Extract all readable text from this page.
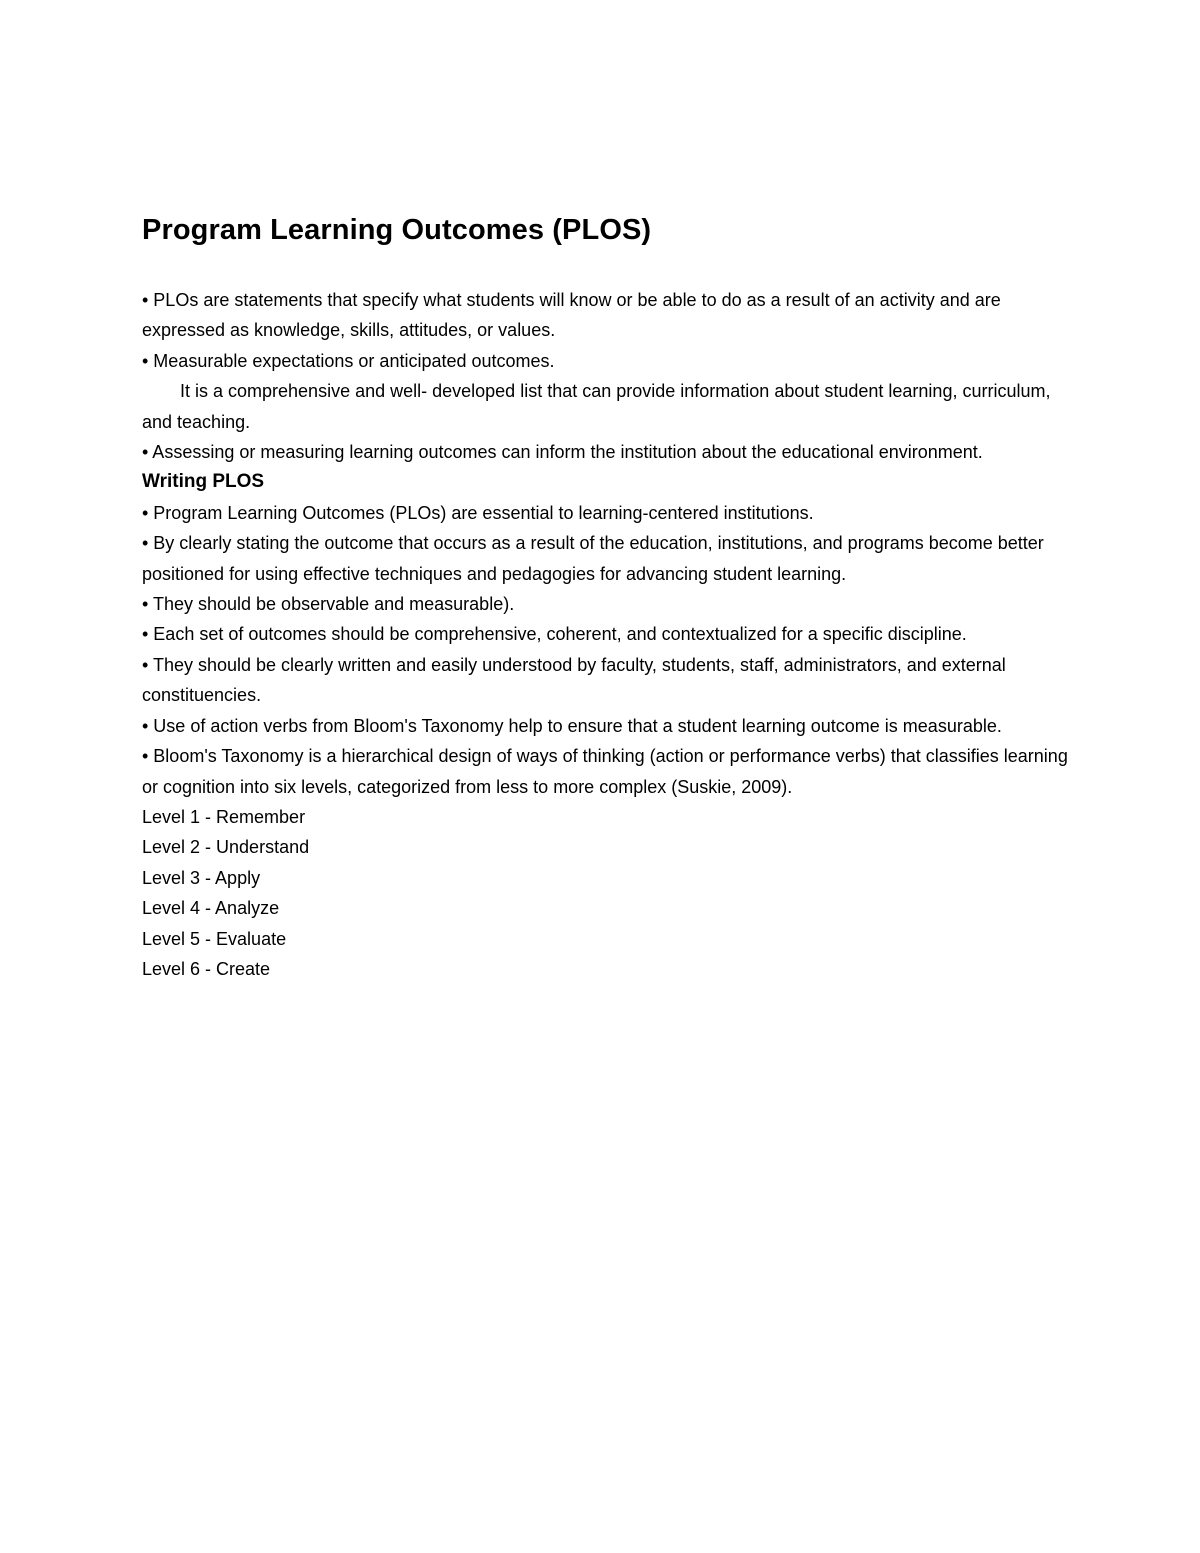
Program Learning Outcomes (PLOS)

• PLOs are statements that specify what students will know or be able to do as a result of an activity and are expressed as knowledge, skills, attitudes, or values.

• Measurable expectations or anticipated outcomes.

It is a comprehensive and well- developed list that can provide information about student learning, curriculum, and teaching.

• Assessing or measuring learning outcomes can inform the institution about the educational environment.

Writing PLOS

• Program Learning Outcomes (PLOs) are essential to learning-centered institutions.

• By clearly stating the outcome that occurs as a result of the education, institutions, and programs become better positioned for using effective techniques and pedagogies for advancing student learning.

• They should be observable and measurable).

• Each set of outcomes should be comprehensive, coherent, and contextualized for a specific discipline.

• They should be clearly written and easily understood by faculty, students, staff, administrators, and external constituencies.

• Use of action verbs from Bloom's Taxonomy help to ensure that a student learning outcome is measurable.

• Bloom's Taxonomy is a hierarchical design of ways of thinking (action or performance verbs) that classifies learning or cognition into six levels, categorized from less to more complex (Suskie, 2009).

Level 1 - Remember
Level 2 - Understand
Level 3 - Apply
Level 4 - Analyze
Level 5 - Evaluate
Level 6 - Create
